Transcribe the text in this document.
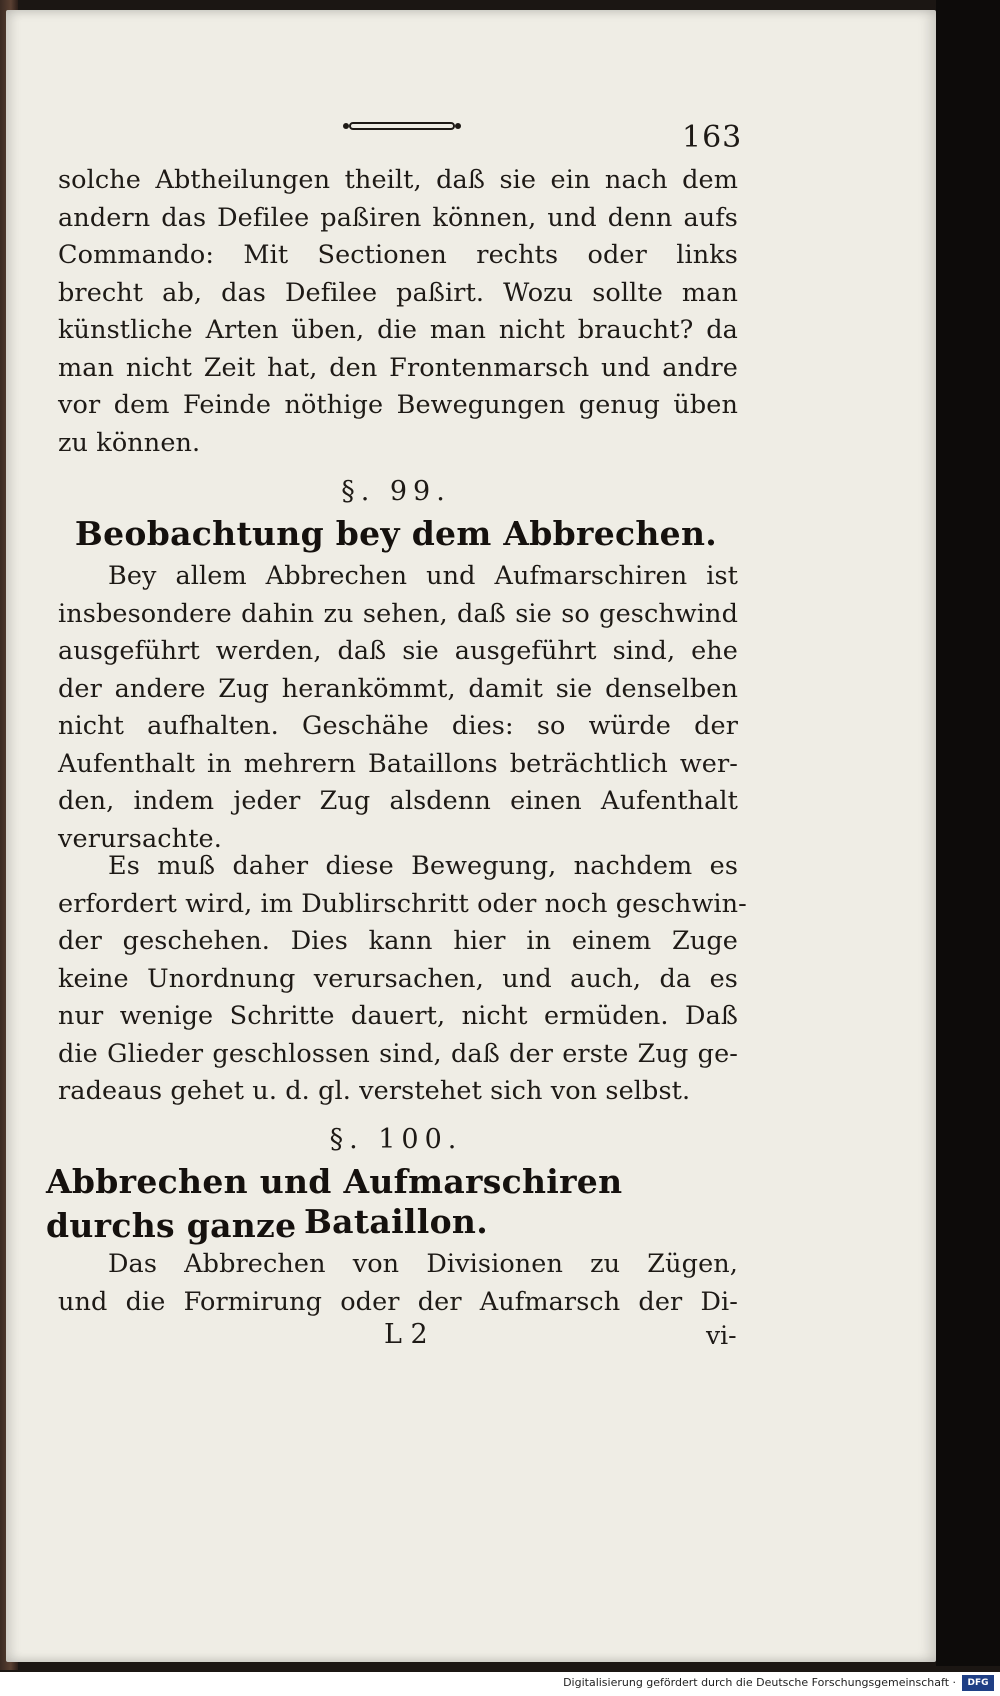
163
solche Abtheilungen theilt, daß sie ein nach dem
andern das Defilee paßiren können, und denn aufs
Commando: Mit Sectionen rechts oder links
brecht ab, das Defilee paßirt. Wozu sollte man
künstliche Arten üben, die man nicht braucht? da
man nicht Zeit hat, den Frontenmarsch und andre
vor dem Feinde nöthige Bewegungen genug üben
zu können.
§. 99.
Beobachtung bey dem Abbrechen.
Bey allem Abbrechen und Aufmarschiren ist
insbesondere dahin zu sehen, daß sie so geschwind
ausgeführt werden, daß sie ausgeführt sind, ehe
der andere Zug herankömmt, damit sie denselben
nicht aufhalten. Geschähe dies: so würde der
Aufenthalt in mehrern Bataillons beträchtlich wer-
den, indem jeder Zug alsdenn einen Aufenthalt
verursachte.
Es muß daher diese Bewegung, nachdem es
erfordert wird, im Dublirschritt oder noch geschwin-
der geschehen. Dies kann hier in einem Zuge
keine Unordnung verursachen, und auch, da es
nur wenige Schritte dauert, nicht ermüden. Daß
die Glieder geschlossen sind, daß der erste Zug ge-
radeaus gehet u. d. gl. verstehet sich von selbst.
§. 100.
Abbrechen und Aufmarschiren durchs ganze Bataillon.
Das Abbrechen von Divisionen zu Zügen,
und die Formirung oder der Aufmarsch der Di-
L 2	vi-
Digitalisierung gefördert durch die Deutsche Forschungsgemeinschaft ·	DFG
